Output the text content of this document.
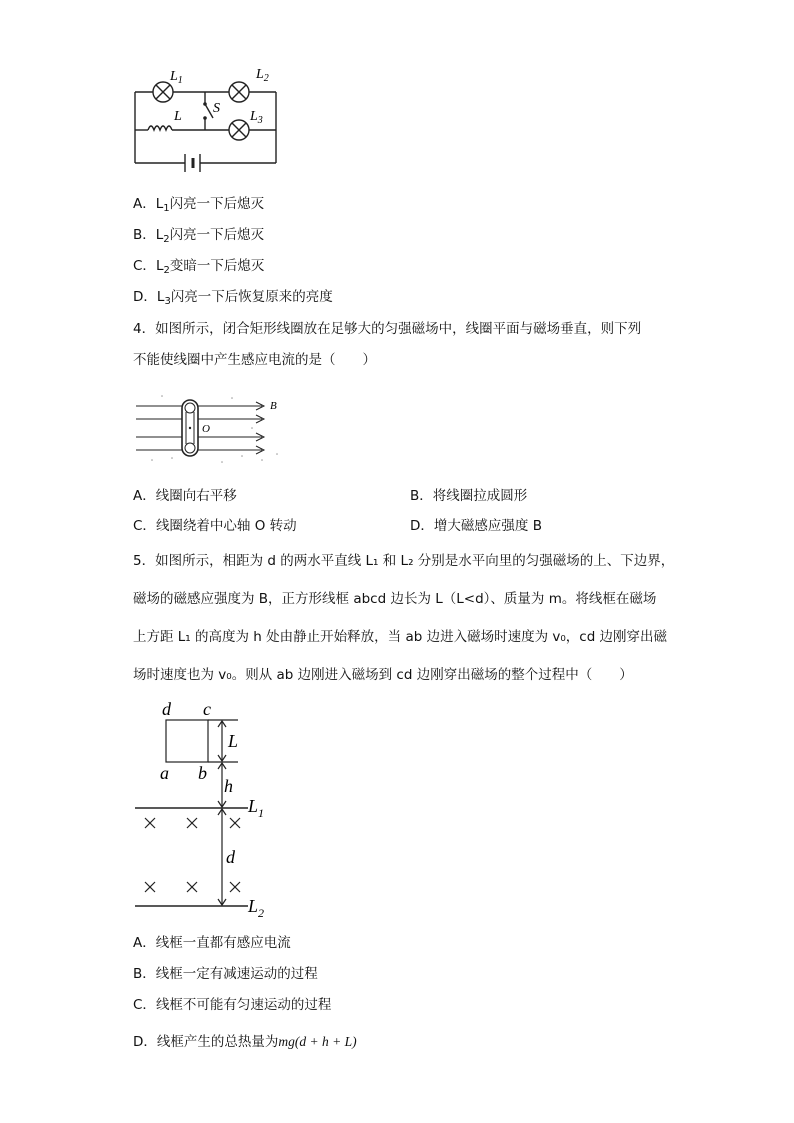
$L_1$	$L_2$
$L_3$
L
S
A．$L_1$闪亮一下后熄灭
B．$L_2$闪亮一下后熄灭
C．$L_2$变暗一下后熄灭
D．$L_3$闪亮一下后恢复原来的亮度
4．如图所示，闭合矩形线圈放在足够大的匀强磁场中，线圈平面与磁场垂直，则下列
不能使线圈中产生感应电流的是（　　）
B
O
A．线圈向右平移	B．将线圈拉成圆形
C．线圈绕着中心轴 O 转动	D．增大磁感应强度 B
5．如图所示，相距为 d 的两水平直线 L₁ 和 L₂ 分别是水平向里的匀强磁场的上、下边界，
磁场的磁感应强度为 B，正方形线框 abcd 边长为 L（L<d）、质量为 m。将线框在磁场
上方距 L₁ 的高度为 h 处由静止开始释放，当 ab 边进入磁场时速度为 v₀，cd 边刚穿出磁
场时速度也为 v₀。则从 ab 边刚进入磁场到 cd 边刚穿出磁场的整个过程中（　　）
d c
a b
L
h
d
$L_1$
$L_2$
A．线框一直都有感应电流
B．线框一定有减速运动的过程
C．线框不可能有匀速运动的过程
D．线框产生的总热量为mg(d + h + L)
